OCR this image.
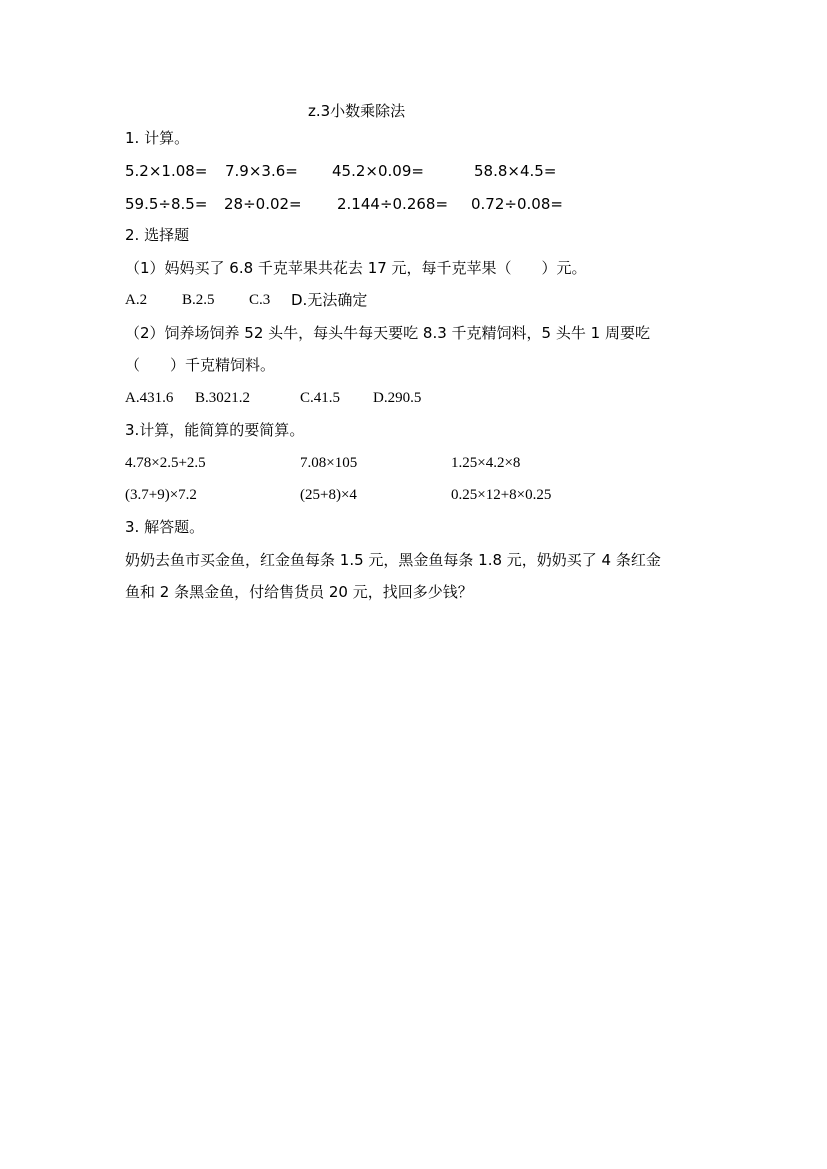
z.3小数乘除法
1. 计算。
5.2×1.08= 7.9×3.6= 45.2×0.09=	58.8×4.5=
59.5÷8.5= 28÷0.02= 2.144÷0.268= 0.72÷0.08=
2. 选择题
（1）妈妈买了 6.8 千克苹果共花去 17 元，每千克苹果（　　）元。
A.2 B.2.5 C.3 D.无法确定
（2）饲养场饲养 52 头牛，每头牛每天要吃 8.3 千克精饲料，5 头牛 1 周要吃
（　　）千克精饲料。
A.431.6 B.3021.2	C.41.5 D.290.5
3.计算，能简算的要简算。
4.78×2.5+2.5	7.08×105	1.25×4.2×8
(3.7+9)×7.2	(25+8)×4	0.25×12+8×0.25
3. 解答题。
奶奶去鱼市买金鱼，红金鱼每条 1.5 元，黑金鱼每条 1.8 元，奶奶买了 4 条红金
鱼和 2 条黑金鱼，付给售货员 20 元，找回多少钱？
